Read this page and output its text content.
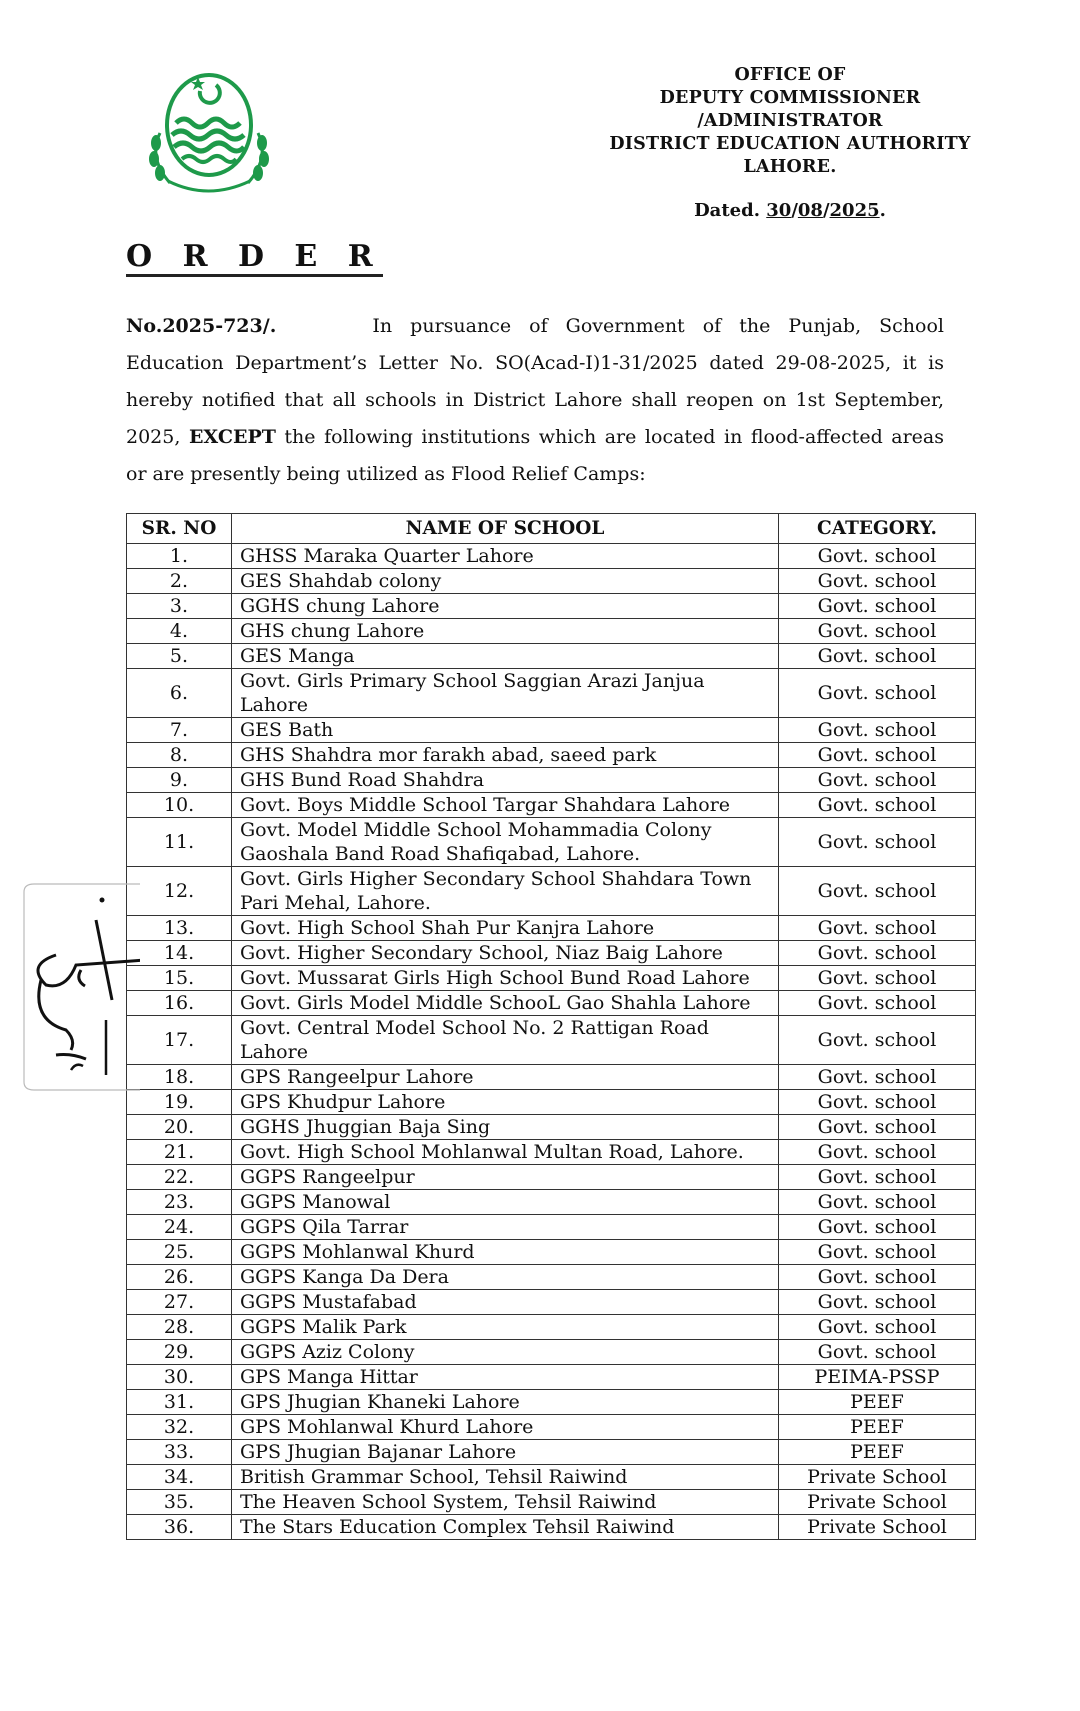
OFFICE OF
DEPUTY COMMISSIONER
/ADMINISTRATOR
DISTRICT EDUCATION AUTHORITY
LAHORE.
Dated. 30/08/2025.
O R D E R
No.2025-723/.	In pursuance of Government of the Punjab, School Education Department’s Letter No. SO(Acad-I)1-31/2025 dated 29-08-2025, it is hereby notified that all schools in District Lahore shall reopen on 1st September, 2025, EXCEPT the following institutions which are located in flood-affected areas or are presently being utilized as Flood Relief Camps:
SR. NO	NAME OF SCHOOL	CATEGORY.
1.	GHSS Maraka Quarter Lahore	Govt. school
2.	GES Shahdab colony	Govt. school
3.	GGHS chung Lahore	Govt. school
4.	GHS chung Lahore	Govt. school
5.	GES Manga	Govt. school
6.	Govt. Girls Primary School Saggian Arazi Janjua Lahore	Govt. school
7.	GES Bath	Govt. school
8.	GHS Shahdra mor farakh abad, saeed park	Govt. school
9.	GHS Bund Road Shahdra	Govt. school
10.	Govt. Boys Middle School Targar Shahdara Lahore	Govt. school
11.	Govt. Model Middle School Mohammadia Colony Gaoshala Band Road Shafiqabad, Lahore.	Govt. school
12.	Govt. Girls Higher Secondary School Shahdara Town Pari Mehal, Lahore.	Govt. school
13.	Govt. High School Shah Pur Kanjra Lahore	Govt. school
14.	Govt. Higher Secondary School, Niaz Baig Lahore	Govt. school
15.	Govt. Mussarat Girls High School Bund Road Lahore	Govt. school
16.	Govt. Girls Model Middle SchooL Gao Shahla Lahore	Govt. school
17.	Govt. Central Model School No. 2 Rattigan Road Lahore	Govt. school
18.	GPS Rangeelpur Lahore	Govt. school
19.	GPS Khudpur Lahore	Govt. school
20.	GGHS Jhuggian Baja Sing	Govt. school
21.	Govt. High School Mohlanwal Multan Road, Lahore.	Govt. school
22.	GGPS Rangeelpur	Govt. school
23.	GGPS Manowal	Govt. school
24.	GGPS Qila Tarrar	Govt. school
25.	GGPS Mohlanwal Khurd	Govt. school
26.	GGPS Kanga Da Dera	Govt. school
27.	GGPS Mustafabad	Govt. school
28.	GGPS Malik Park	Govt. school
29.	GGPS Aziz Colony	Govt. school
30.	GPS Manga Hittar	PEIMA-PSSP
31.	GPS Jhugian Khaneki Lahore	PEEF
32.	GPS Mohlanwal Khurd Lahore	PEEF
33.	GPS Jhugian Bajanar Lahore	PEEF
34.	British Grammar School, Tehsil Raiwind	Private School
35.	The Heaven School System, Tehsil Raiwind	Private School
36.	The Stars Education Complex Tehsil Raiwind	Private School
